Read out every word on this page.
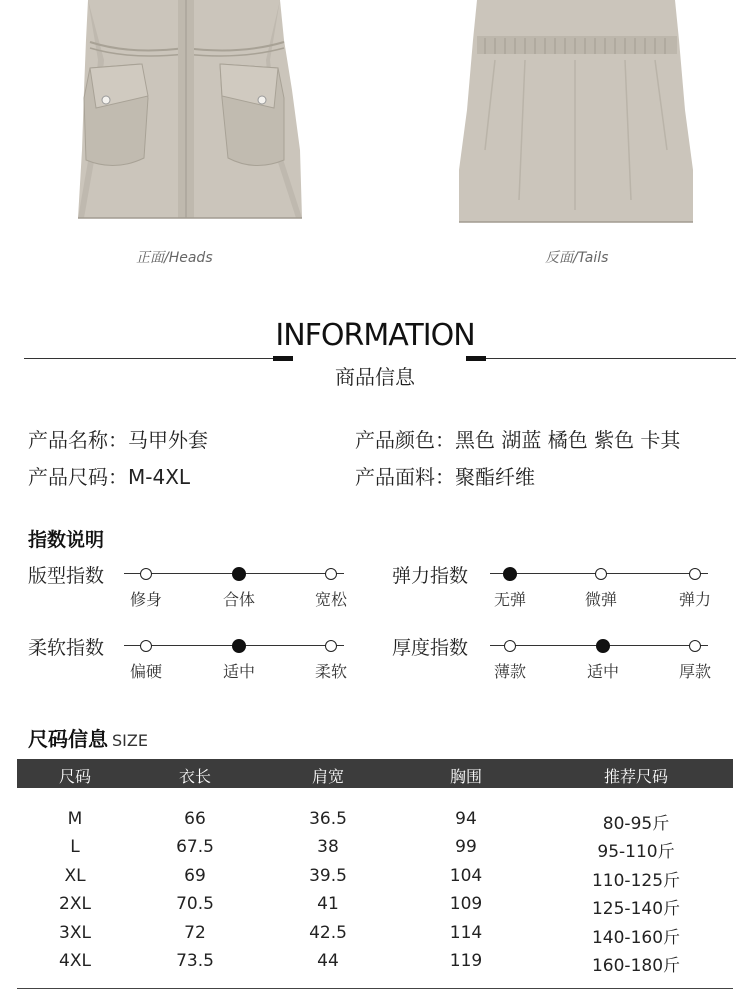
正面/Heads	反面/Tails
INFORMATION
商品信息
产品名称：马甲外套
产品尺码：M-4XL
产品颜色：黑色 湖蓝 橘色 紫色 卡其
产品面料：聚酯纤维
指数说明
版型指数
修身	合体	宽松
弹力指数
无弹	微弹	弹力
柔软指数
偏硬	适中	柔软
厚度指数
薄款	适中	厚款
尺码信息 SIZE
尺码	衣长	肩宽	胸围	推荐尺码
M	66	36.5	94	80-95斤
L	67.5	38	99	95-110斤
XL	69	39.5	104	110-125斤
2XL	70.5	41	109	125-140斤
3XL	72	42.5	114	140-160斤
4XL	73.5	44	119	160-180斤
